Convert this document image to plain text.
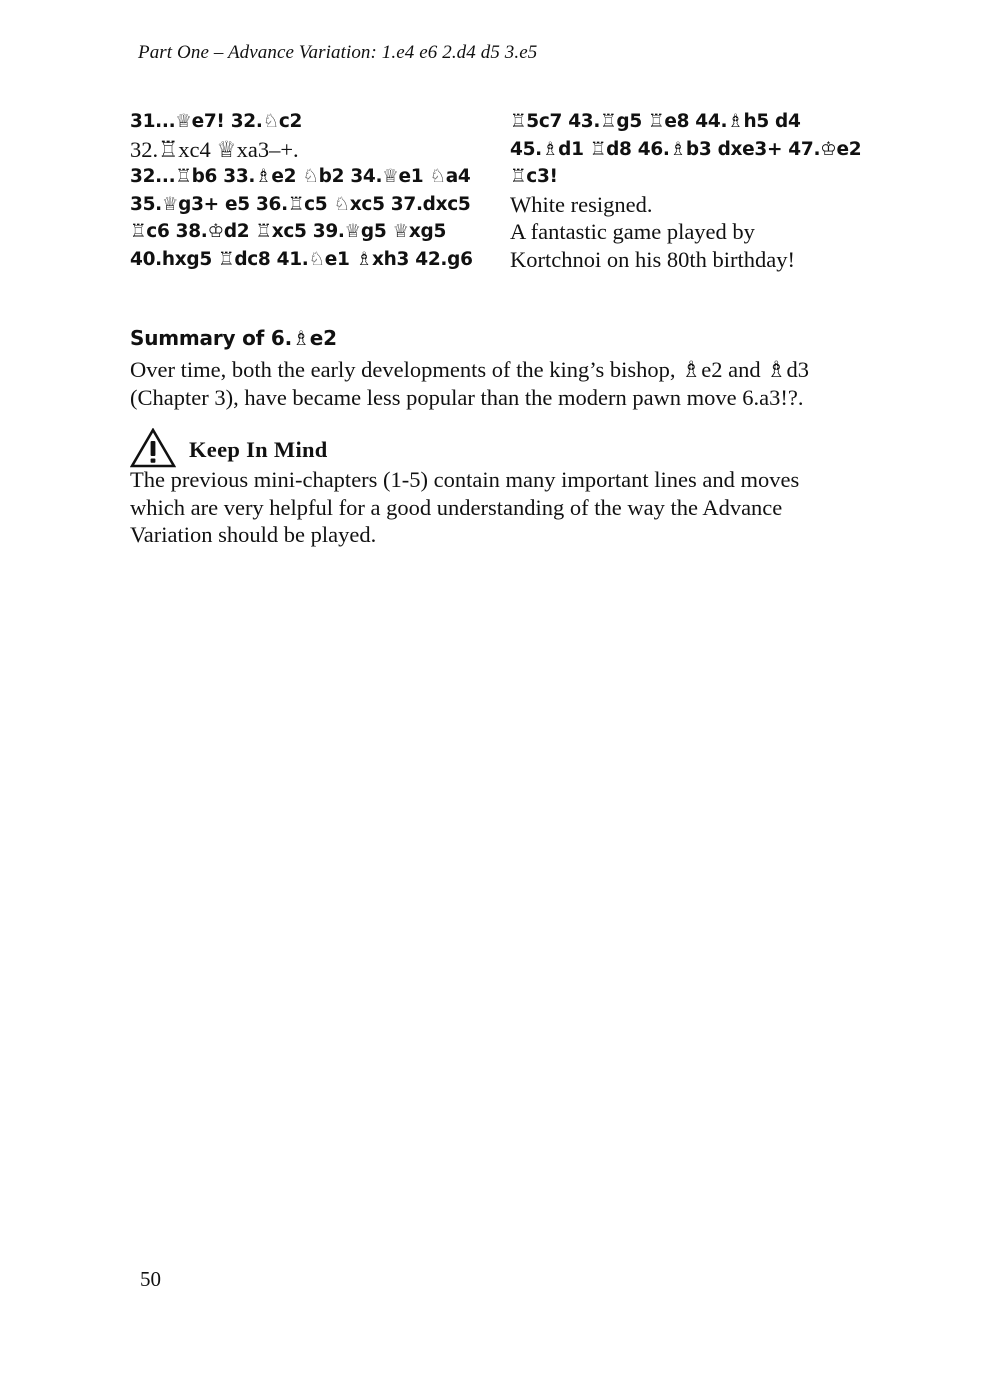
Part One – Advance Variation: 1.e4 e6 2.d4 d5 3.e5
31...♕e7! 32.♘c2
32.♖xc4 ♕xa3–+.
32...♖b6 33.♗e2 ♘b2 34.♕e1 ♘a4
35.♕g3+ e5 36.♖c5 ♘xc5 37.dxc5
♖c6 38.♔d2 ♖xc5 39.♕g5 ♕xg5
40.hxg5 ♖dc8 41.♘e1 ♗xh3 42.g6
♖5c7 43.♖g5 ♖e8 44.♗h5 d4
45.♗d1 ♖d8 46.♗b3 dxe3+ 47.♔e2
♖c3!
White resigned.
A fantastic game played by
Kortchnoi on his 80th birthday!
Summary of 6.♗e2
Over time, both the early developments of the king’s bishop, ♗e2 and ♗d3
(Chapter 3), have became less popular than the modern pawn move 6.a3!?.
Keep In Mind
The previous mini-chapters (1-5) contain many important lines and moves
which are very helpful for a good understanding of the way the Advance
Variation should be played.
50
